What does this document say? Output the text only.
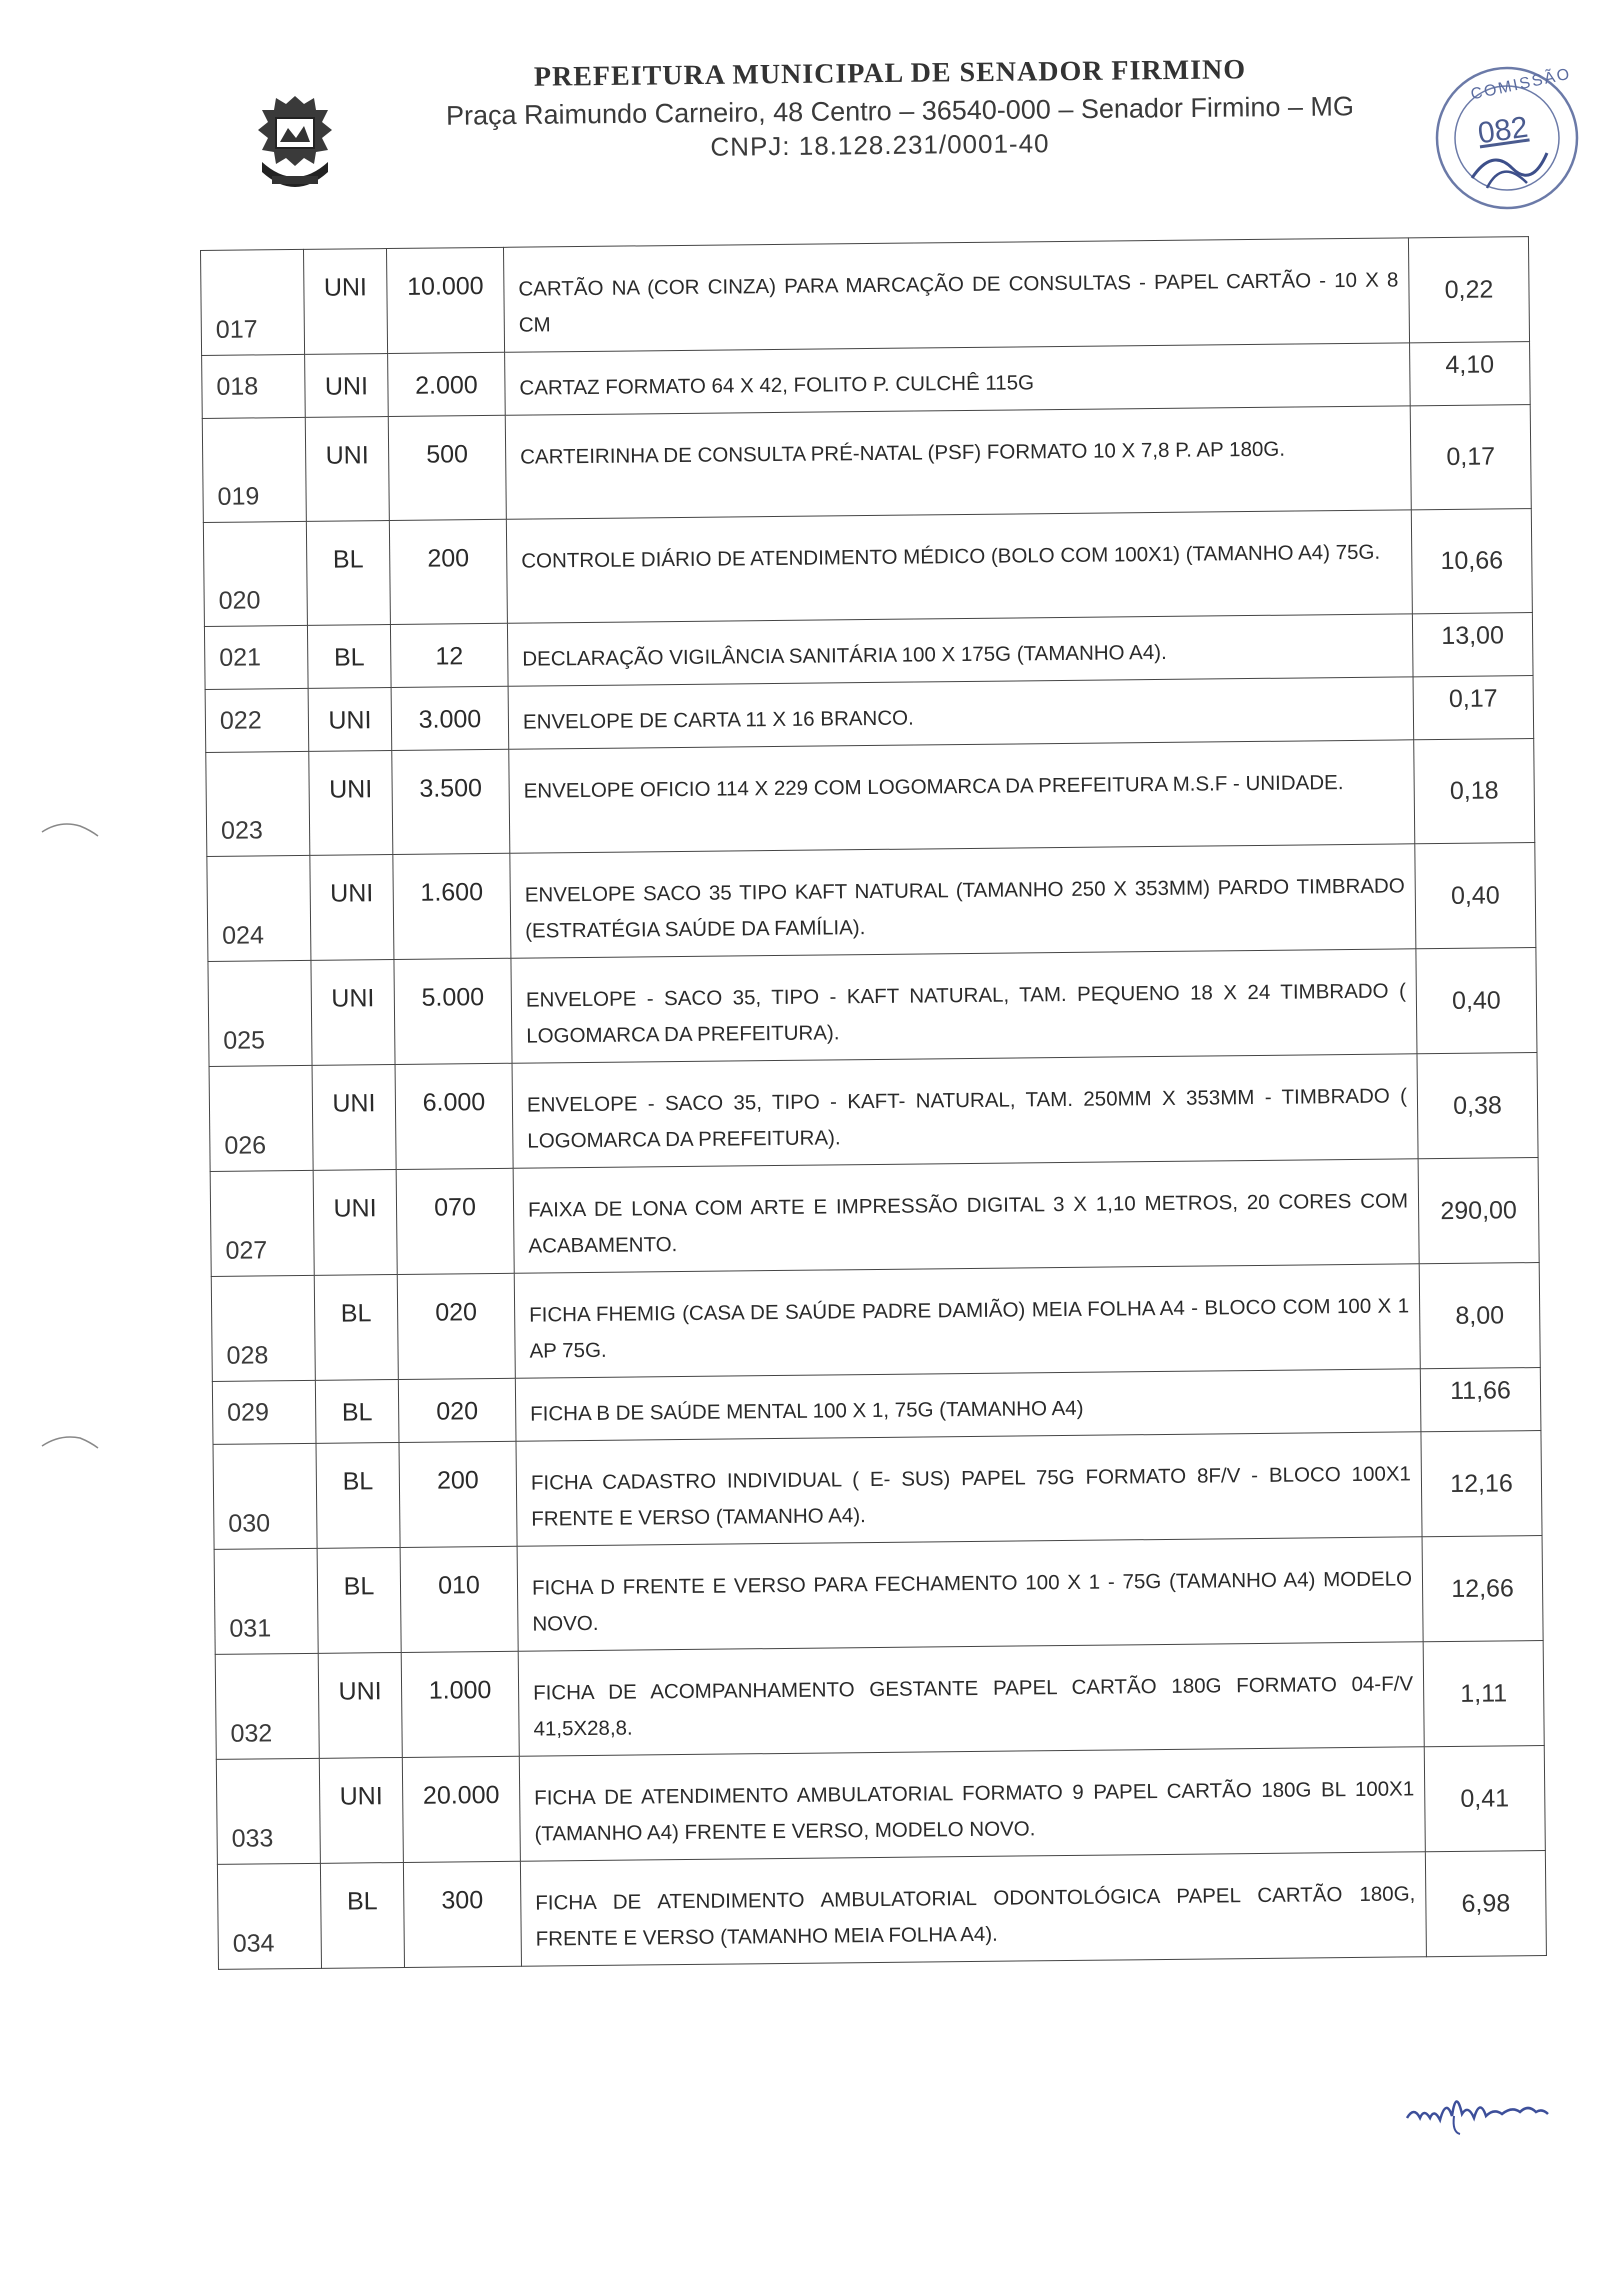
PREFEITURA MUNICIPAL DE SENADOR FIRMINO
Praça Raimundo Carneiro, 48 Centro – 36540-000 – Senador Firmino – MG
CNPJ: 18.128.231/0001-40
COMISSÃO
082
017	UNI	10.000	CARTÃO NA (COR CINZA) PARA MARCAÇÃO DE CONSULTAS - PAPEL CARTÃO - 10 X 8 CM	0,22
018	UNI	2.000	CARTAZ FORMATO 64 X 42, FOLITO P. CULCHÊ 115G	4,10
019	UNI	500	CARTEIRINHA DE CONSULTA PRÉ-NATAL (PSF) FORMATO 10 X 7,8 P. AP 180G.	0,17
020	BL	200	CONTROLE DIÁRIO DE ATENDIMENTO MÉDICO (BOLO COM 100X1) (TAMANHO A4) 75G.	10,66
021	BL	12	DECLARAÇÃO VIGILÂNCIA SANITÁRIA 100 X 175G (TAMANHO A4).	13,00
022	UNI	3.000	ENVELOPE DE CARTA 11 X 16 BRANCO.	0,17
023	UNI	3.500	ENVELOPE OFICIO 114 X 229 COM LOGOMARCA DA PREFEITURA M.S.F - UNIDADE.	0,18
024	UNI	1.600	ENVELOPE SACO 35 TIPO KAFT NATURAL (TAMANHO 250 X 353MM) PARDO TIMBRADO (ESTRATÉGIA SAÚDE DA FAMÍLIA).	0,40
025	UNI	5.000	ENVELOPE - SACO 35, TIPO - KAFT NATURAL, TAM. PEQUENO 18 X 24 TIMBRADO ( LOGOMARCA DA PREFEITURA).	0,40
026	UNI	6.000	ENVELOPE - SACO 35, TIPO - KAFT- NATURAL, TAM. 250MM X 353MM - TIMBRADO ( LOGOMARCA DA PREFEITURA).	0,38
027	UNI	070	FAIXA DE LONA COM ARTE E IMPRESSÃO DIGITAL 3 X 1,10 METROS, 20 CORES COM ACABAMENTO.	290,00
028	BL	020	FICHA FHEMIG (CASA DE SAÚDE PADRE DAMIÃO) MEIA FOLHA A4 - BLOCO COM 100 X 1 AP 75G.	8,00
029	BL	020	FICHA B DE SAÚDE MENTAL 100 X 1, 75G (TAMANHO A4)	11,66
030	BL	200	FICHA CADASTRO INDIVIDUAL ( E- SUS) PAPEL 75G FORMATO 8F/V - BLOCO 100X1 FRENTE E VERSO (TAMANHO A4).	12,16
031	BL	010	FICHA D FRENTE E VERSO PARA FECHAMENTO 100 X 1 - 75G (TAMANHO A4) MODELO NOVO.	12,66
032	UNI	1.000	FICHA DE ACOMPANHAMENTO GESTANTE PAPEL CARTÃO 180G FORMATO 04-F/V 41,5X28,8.	1,11
033	UNI	20.000	FICHA DE ATENDIMENTO AMBULATORIAL FORMATO 9 PAPEL CARTÃO 180G BL 100X1 (TAMANHO A4) FRENTE E VERSO, MODELO NOVO.	0,41
034	BL	300	FICHA DE ATENDIMENTO AMBULATORIAL ODONTOLÓGICA PAPEL CARTÃO 180G, FRENTE E VERSO (TAMANHO MEIA FOLHA A4).	6,98
